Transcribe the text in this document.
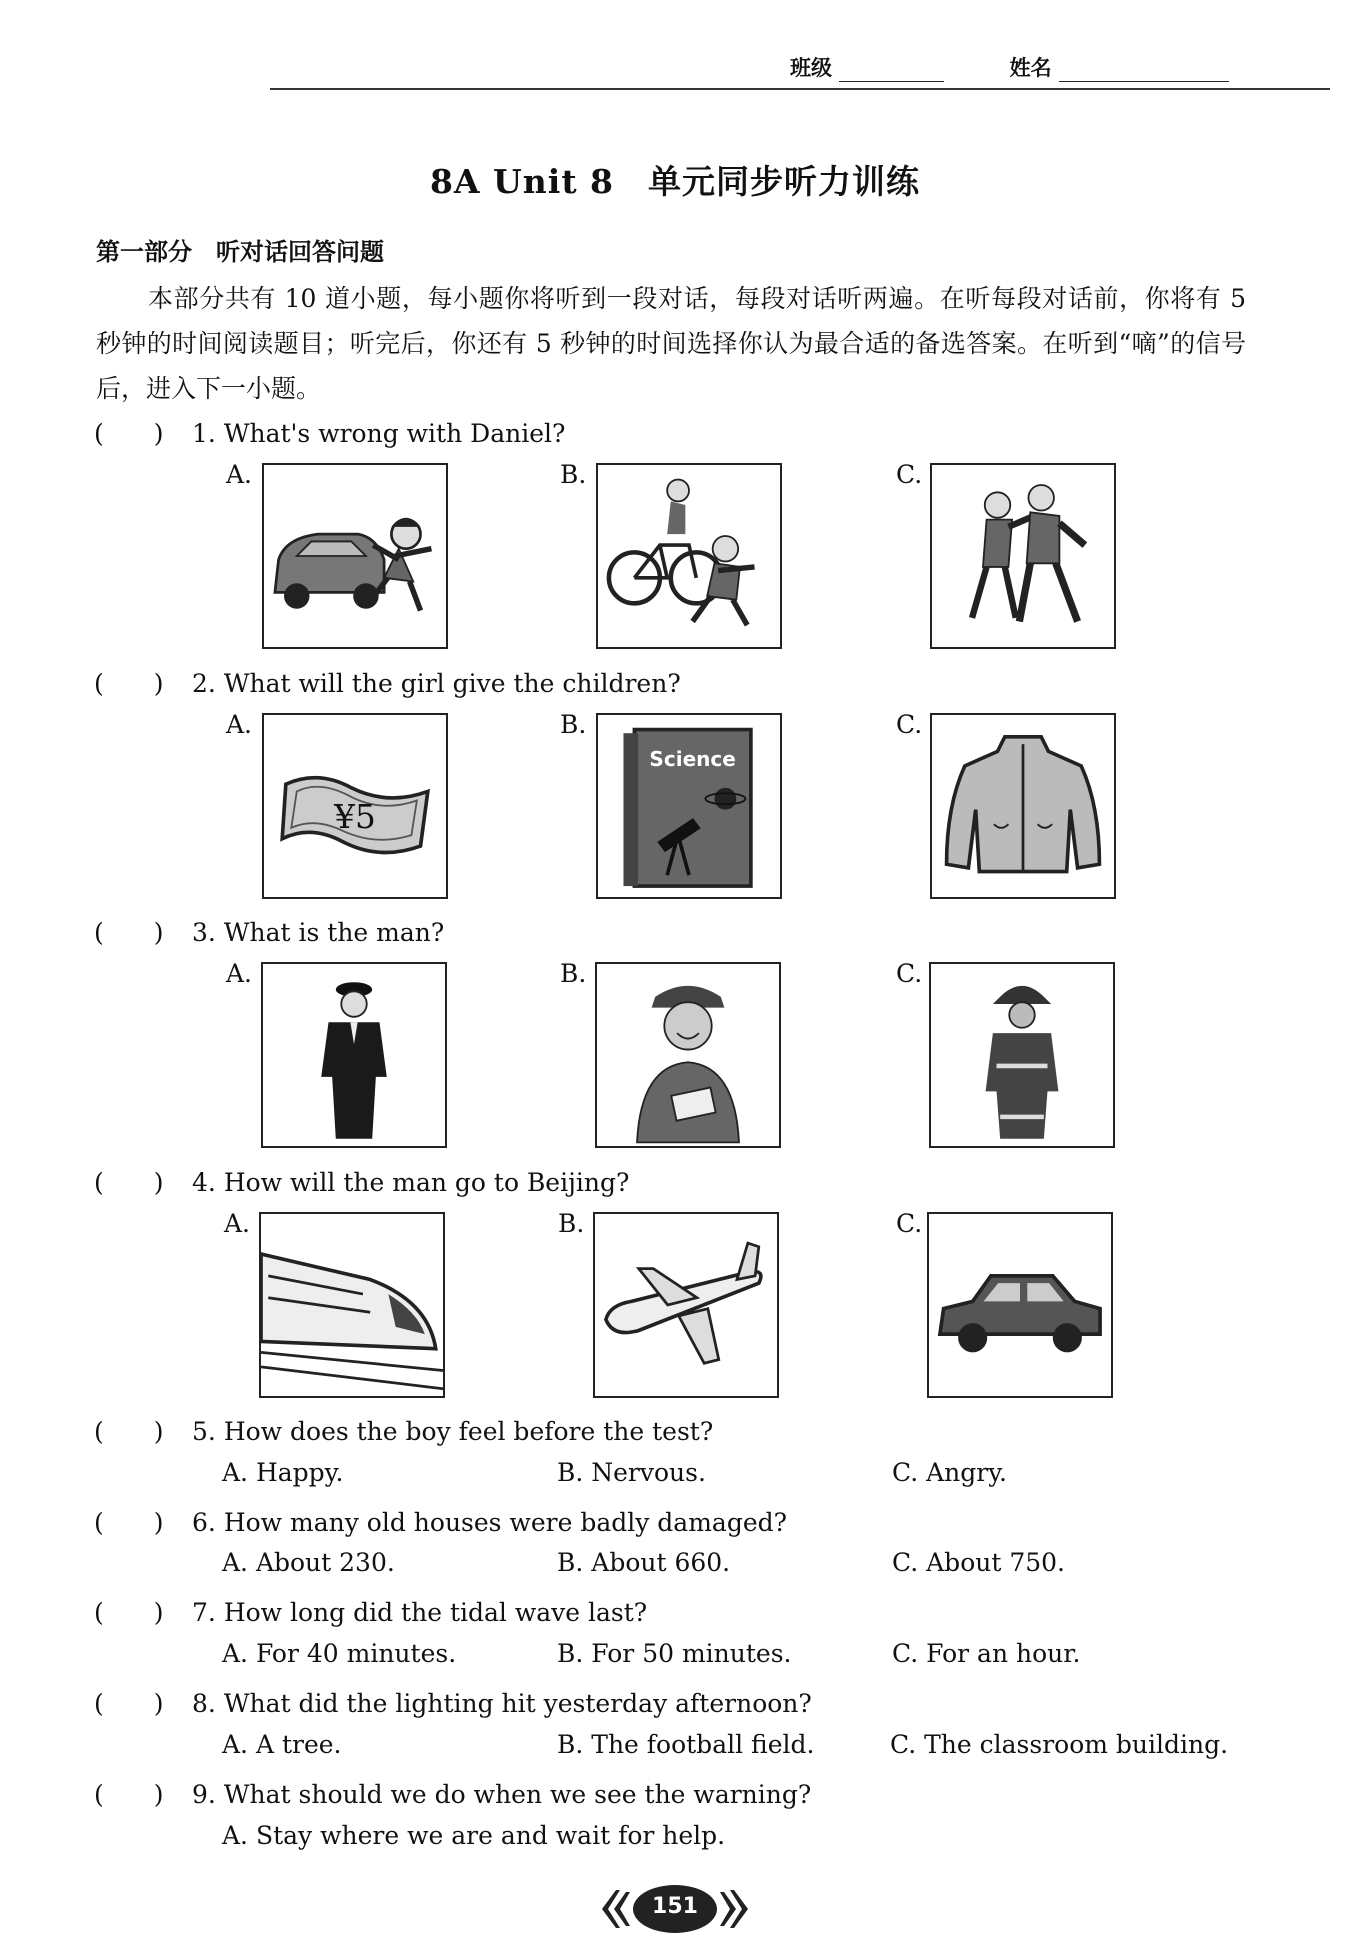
班级	姓名
8A Unit 8　单元同步听力训练
第一部分　听对话回答问题
本部分共有 10 道小题，每小题你将听到一段对话，每段对话听两遍。在听每段对话前，你将有 5 秒钟的时间阅读题目；听完后，你还有 5 秒钟的时间选择你认为最合适的备选答案。在听到“嘀”的信号后，进入下一小题。
(　　) 1. What's wrong with Daniel?
A.	B.	C.
(　　) 2. What will the girl give the children?
A.	B.	C.
¥5
Science
(　　) 3. What is the man?
A.	B.	C.
(　　) 4. How will the man go to Beijing?
A.	B.	C.
(　　) 5. How does the boy feel before the test?
A. Happy.	B. Nervous.	C. Angry.
(　　) 6. How many old houses were badly damaged?
A. About 230.	B. About 660.	C. About 750.
(　　) 7. How long did the tidal wave last?
A. For 40 minutes.	B. For 50 minutes.	C. For an hour.
(　　) 8. What did the lighting hit yesterday afternoon?
A. A tree.	B. The football field.	C. The classroom building.
(　　) 9. What should we do when we see the warning?
A. Stay where we are and wait for help.
151
